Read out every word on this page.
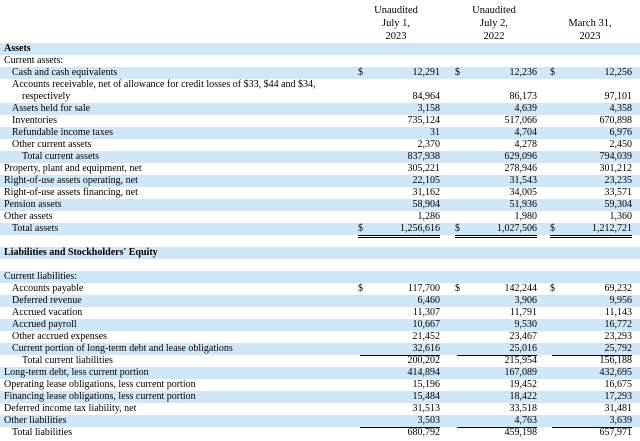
Unaudited
July 1,
2023
Unaudited
July 2,
2022
March 31,
2023
Assets
Current assets:
Cash and cash equivalents	$	12,291 $	12,236 $	12,256
Accounts receivable, net of allowance for credit losses of $33, $44 and $34,
respectively	84,964	86,173	97,101
Assets held for sale	3,158	4,639	4,358
Inventories	735,124	517,066	670,898
Refundable income taxes	31	4,704	6,976
Other current assets	2,370	4,278	2,450
Total current assets	837,938	629,096	794,039
Property, plant and equipment, net	305,221	278,946	301,212
Right-of-use assets operating, net	22,105	31,543	23,235
Right-of-use assets financing, net	31,162	34,005	33,571
Pension assets	58,904	51,936	59,304
Other assets	1,286	1,980	1,360
Total assets	$	1,256,616 $	1,027,506 $	1,212,721
Liabilities and Stockholders' Equity
Current liabilities:
Accounts payable	$	117,700 $	142,244 $	69,232
Deferred revenue	6,460	3,906	9,956
Accrued vacation	11,307	11,791	11,143
Accrued payroll	10,667	9,530	16,772
Other accrued expenses	21,452	23,467	23,293
Current portion of long-term debt and lease obligations	32,616	25,016	25,792
Total current liabilities	200,202	215,954	156,188
Long-term debt, less current portion	414,894	167,089	432,695
Operating lease obligations, less current portion	15,196	19,452	16,675
Financing lease obligations, less current portion	15,484	18,422	17,293
Deferred income tax liability, net	31,513	33,518	31,481
Other liabilities	3,503	4,763	3,639
Total liabilities	680,792	459,198	657,971
